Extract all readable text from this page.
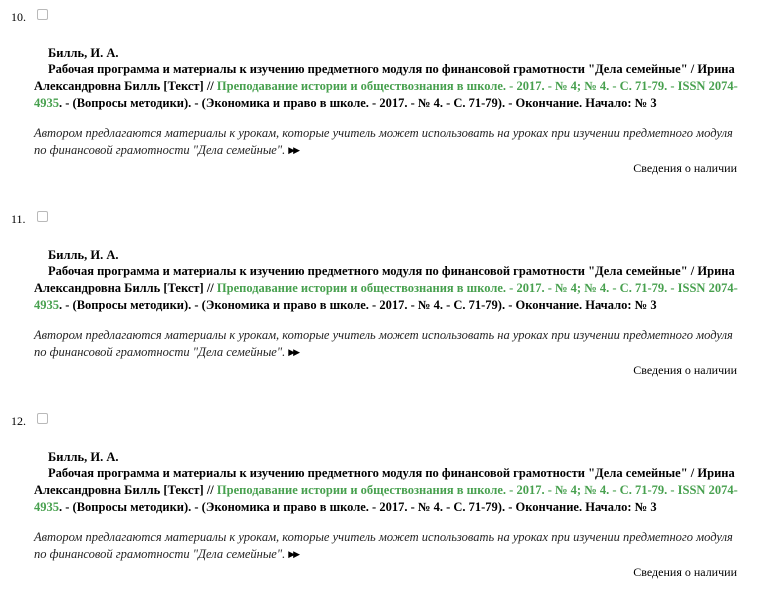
10.
Билль, И. А.
Рабочая программа и материалы к изучению предметного модуля по финансовой грамотности "Дела семейные" / Ирина Александровна Билль [Текст] // Преподавание истории и обществознания в школе. - 2017. - № 4; № 4. - С. 71-79. - ISSN 2074-4935. - (Вопросы методики). - (Экономика и право в школе. - 2017. - № 4. - С. 71-79). - Окончание. Начало: № 3
Автором предлагаются материалы к урокам, которые учитель может использовать на уроках при изучении предметного модуля по финансовой грамотности "Дела семейные". ▶▶
Сведения о наличии
11.
Билль, И. А.
Рабочая программа и материалы к изучению предметного модуля по финансовой грамотности "Дела семейные" / Ирина Александровна Билль [Текст] // Преподавание истории и обществознания в школе. - 2017. - № 4; № 4. - С. 71-79. - ISSN 2074-4935. - (Вопросы методики). - (Экономика и право в школе. - 2017. - № 4. - С. 71-79). - Окончание. Начало: № 3
Автором предлагаются материалы к урокам, которые учитель может использовать на уроках при изучении предметного модуля по финансовой грамотности "Дела семейные". ▶▶
Сведения о наличии
12.
Билль, И. А.
Рабочая программа и материалы к изучению предметного модуля по финансовой грамотности "Дела семейные" / Ирина Александровна Билль [Текст] // Преподавание истории и обществознания в школе. - 2017. - № 4; № 4. - С. 71-79. - ISSN 2074-4935. - (Вопросы методики). - (Экономика и право в школе. - 2017. - № 4. - С. 71-79). - Окончание. Начало: № 3
Автором предлагаются материалы к урокам, которые учитель может использовать на уроках при изучении предметного модуля по финансовой грамотности "Дела семейные". ▶▶
Сведения о наличии
